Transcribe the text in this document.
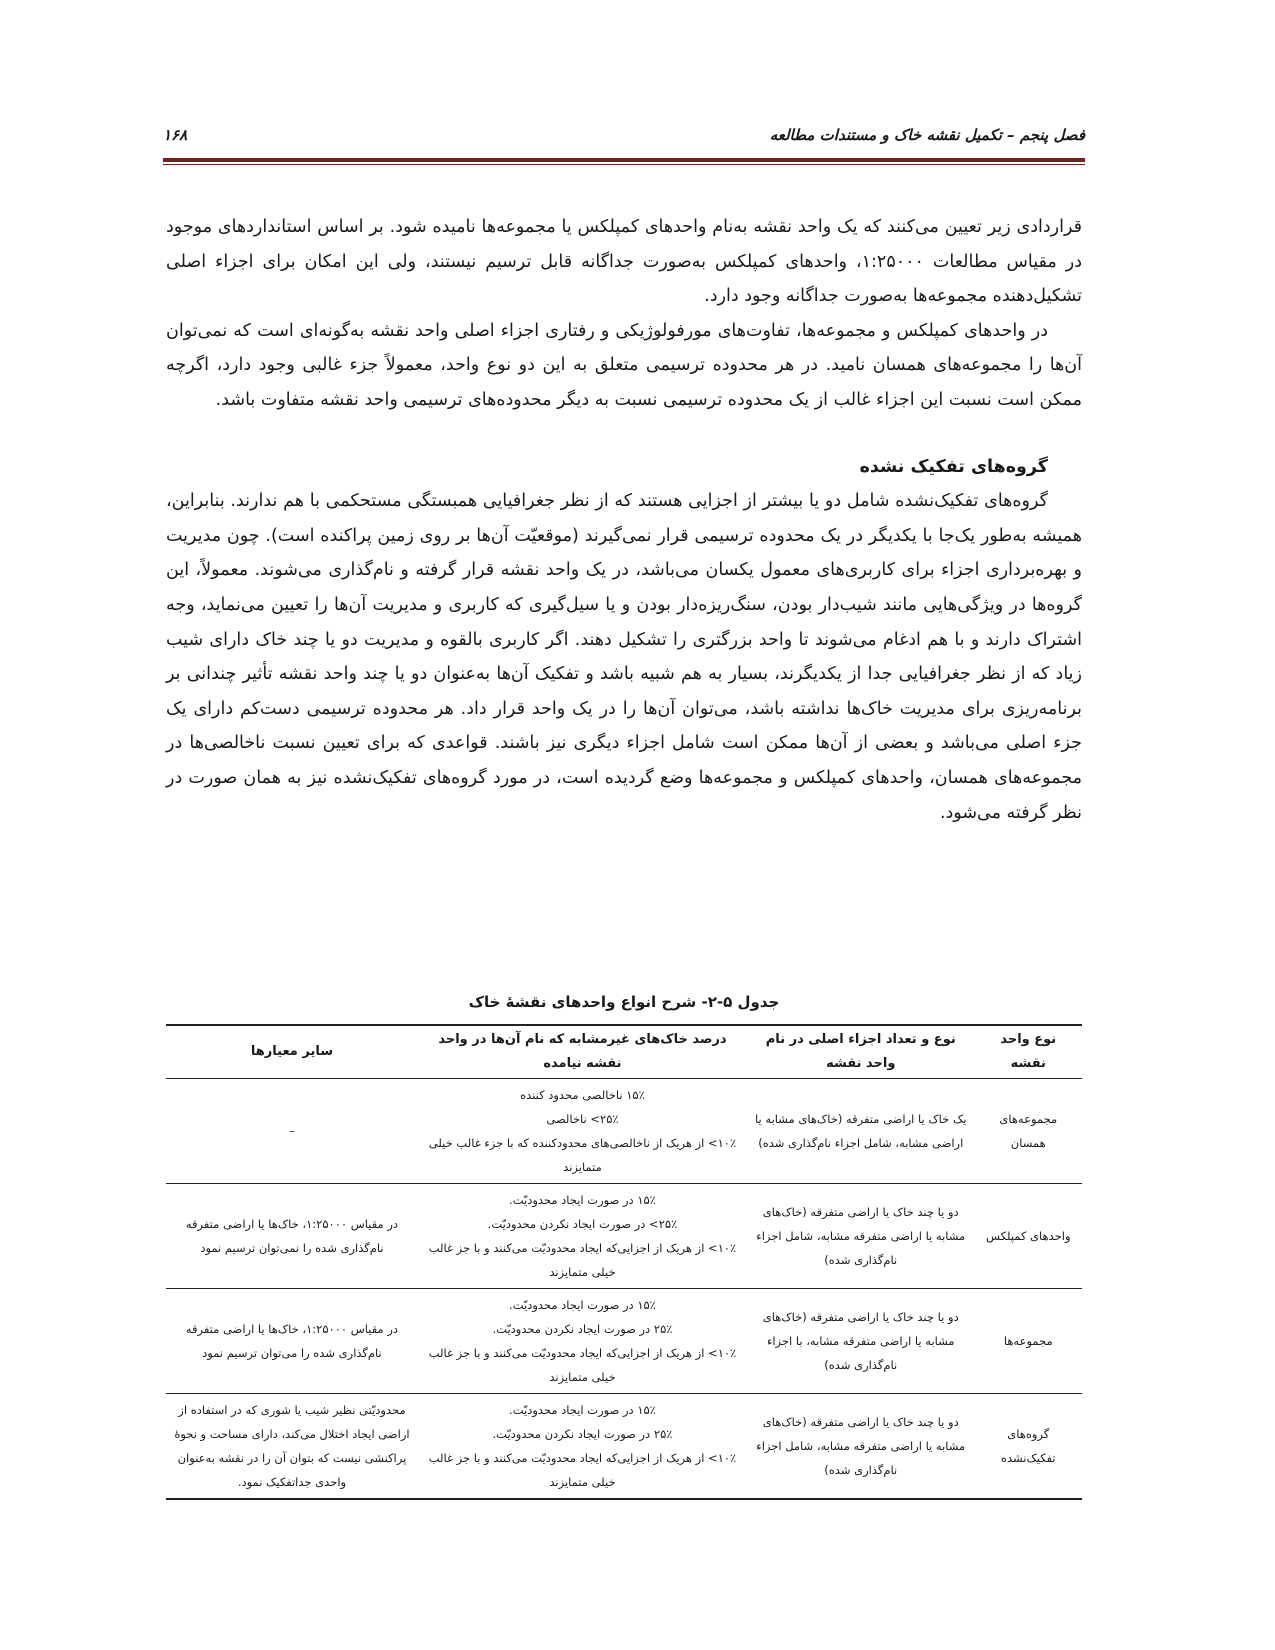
فصل پنجم – تکمیل نقشه خاک و مستندات مطالعه
۱۶۸

قراردادی زیر تعیین می‌کنند که یک واحد نقشه به‌نام واحدهای کمپلکس یا مجموعه‌ها نامیده شود. بر اساس استانداردهای موجود در مقیاس مطالعات ۱:۲۵۰۰۰، واحدهای کمپلکس به‌صورت جداگانه قابل ترسیم نیستند، ولی این امکان برای اجزاء اصلی تشکیل‌دهنده مجموعه‌ها به‌صورت جداگانه وجود دارد.

در واحدهای کمپلکس و مجموعه‌ها، تفاوت‌های مورفولوژیکی و رفتاری اجزاء اصلی واحد نقشه به‌گونه‌ای است که نمی‌توان آن‌ها را مجموعه‌های همسان نامید. در هر محدوده ترسیمی متعلق به این دو نوع واحد، معمولاً جزء غالبی وجود دارد، اگرچه ممکن است نسبت این اجزاء غالب از یک محدوده ترسیمی نسبت به دیگر محدوده‌های ترسیمی واحد نقشه متفاوت باشد.

گروه‌های تفکیک نشده

گروه‌های تفکیک‌نشده شامل دو یا بیشتر از اجزایی هستند که از نظر جغرافیایی همبستگی مستحکمی با هم ندارند. بنابراین، همیشه به‌طور یک‌جا با یکدیگر در یک محدوده ترسیمی قرار نمی‌گیرند (موقعیّت آن‌ها بر روی زمین پراکنده است). چون مدیریت و بهره‌برداری اجزاء برای کاربری‌های معمول یکسان می‌باشد، در یک واحد نقشه قرار گرفته و نام‌گذاری می‌شوند. معمولاً، این گروه‌ها در ویژگی‌هایی مانند شیب‌دار بودن، سنگ‌ریزه‌دار بودن و یا سیل‌گیری که کاربری و مدیریت آن‌ها را تعیین می‌نماید، وجه اشتراک دارند و با هم ادغام می‌شوند تا واحد بزرگتری را تشکیل دهند. اگر کاربری بالقوه و مدیریت دو یا چند خاک دارای شیب زیاد که از نظر جغرافیایی جدا از یکدیگرند، بسیار به هم شبیه باشد و تفکیک آن‌ها به‌عنوان دو یا چند واحد نقشه تأثیر چندانی بر برنامه‌ریزی برای مدیریت خاک‌ها نداشته باشد، می‌توان آن‌ها را در یک واحد قرار داد. هر محدوده ترسیمی دست‌کم دارای یک جزء اصلی می‌باشد و بعضی از آن‌ها ممکن است شامل اجزاء دیگری نیز باشند. قواعدی که برای تعیین نسبت ناخالصی‌ها در مجموعه‌های همسان، واحدهای کمپلکس و مجموعه‌ها وضع گردیده است، در مورد گروه‌های تفکیک‌نشده نیز به همان صورت در نظر گرفته می‌شود.

جدول ۵-۲- شرح انواع واحدهای نقشهٔ خاک
نوع واحد نقشه	نوع و تعداد اجزاء اصلی در نام واحد نقشه	درصد خاک‌های غیرمشابه که نام آن‌ها در واحد نقشه نیامده	سایر معیارها
مجموعه‌های همسان	یک خاک یا اراضی متفرقه (خاک‌های مشابه یا اراضی مشابه، شامل اجزاء نام‌گذاری شده)	۱۵٪ ناخالصی محدود کننده
۲۵٪> ناخالصی
۱۰٪> از هریک از ناخالصی‌های محدودکننده که با جزء غالب خیلی متمایزند	–
واحدهای کمپلکس	دو یا چند خاک یا اراضی متفرقه (خاک‌های مشابه یا اراضی متفرقه مشابه، شامل اجزاء نام‌گذاری شده)	۱۵٪ در صورت ایجاد محدودیّت.
۲۵٪> در صورت ایجاد نکردن محدودیّت.
۱۰٪> از هریک از اجزایی‌که ایجاد محدودیّت می‌کنند و با جز غالب خیلی متمایزند	در مقیاس ۱:۲۵۰۰۰، خاک‌ها یا اراضی متفرقه نام‌گذاری شده را نمی‌توان ترسیم نمود
مجموعه‌ها	دو یا چند خاک یا اراضی متفرقه (خاک‌های مشابه یا اراضی متفرقه مشابه، با اجزاء نام‌گذاری شده)	۱۵٪ در صورت ایجاد محدودیّت.
۲۵٪ در صورت ایجاد نکردن محدودیّت.
۱۰٪> از هریک از اجزایی‌که ایجاد محدودیّت می‌کنند و با جز غالب خیلی متمایزند	در مقیاس ۱:۲۵۰۰۰، خاک‌ها یا اراضی متفرقه نام‌گذاری شده را می‌توان ترسیم نمود
گروه‌های تفکیک‌نشده	دو یا چند خاک یا اراضی متفرقه (خاک‌های مشابه یا اراضی متفرقه مشابه، شامل اجزاء نام‌گذاری شده)	۱۵٪ در صورت ایجاد محدودیّت.
۲۵٪ در صورت ایجاد نکردن محدودیّت.
۱۰٪> از هریک از اجزایی‌که ایجاد محدودیّت می‌کنند و با جز غالب خیلی متمایزند	محدودیّتی نظیر شیب یا شوری که در استفاده از اراضی ایجاد اختلال می‌کند، دارای مساحت و نحوهٔ پراکنشی نیست که بتوان آن را در نقشه به‌عنوان واحدی جداتفکیک نمود.
